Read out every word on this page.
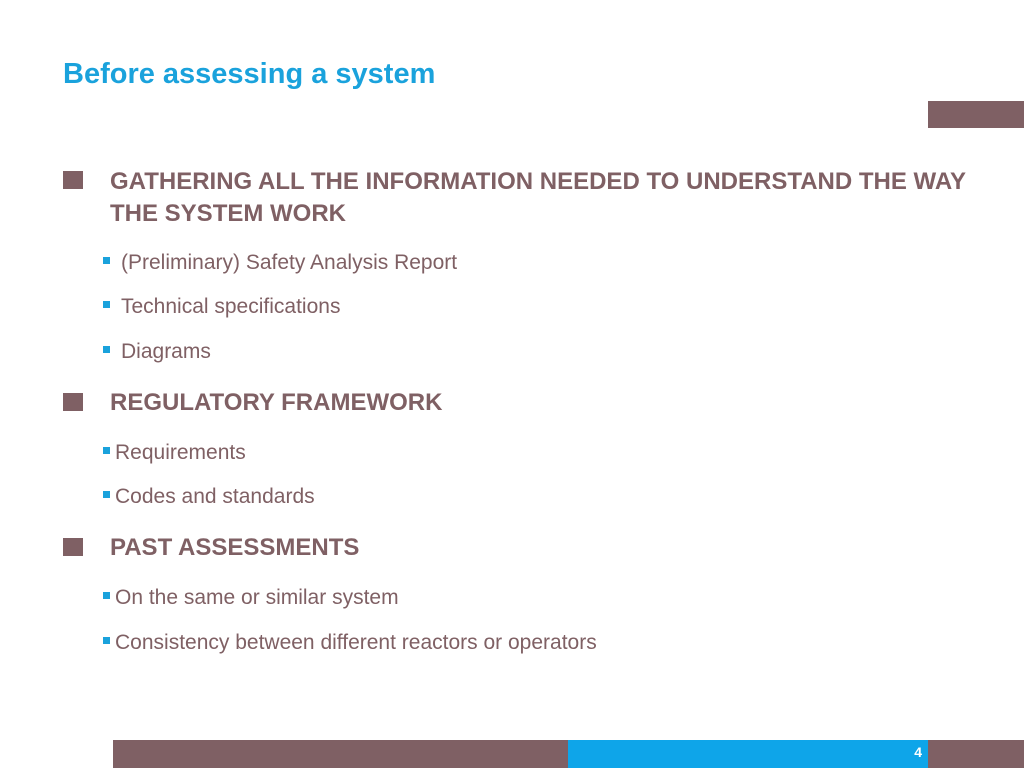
Before assessing a system
GATHERING ALL THE INFORMATION NEEDED TO UNDERSTAND THE WAY THE SYSTEM WORK
(Preliminary) Safety Analysis Report
Technical specifications
Diagrams
REGULATORY FRAMEWORK
Requirements
Codes and standards
PAST ASSESSMENTS
On the same or similar system
Consistency between different reactors or operators
4
